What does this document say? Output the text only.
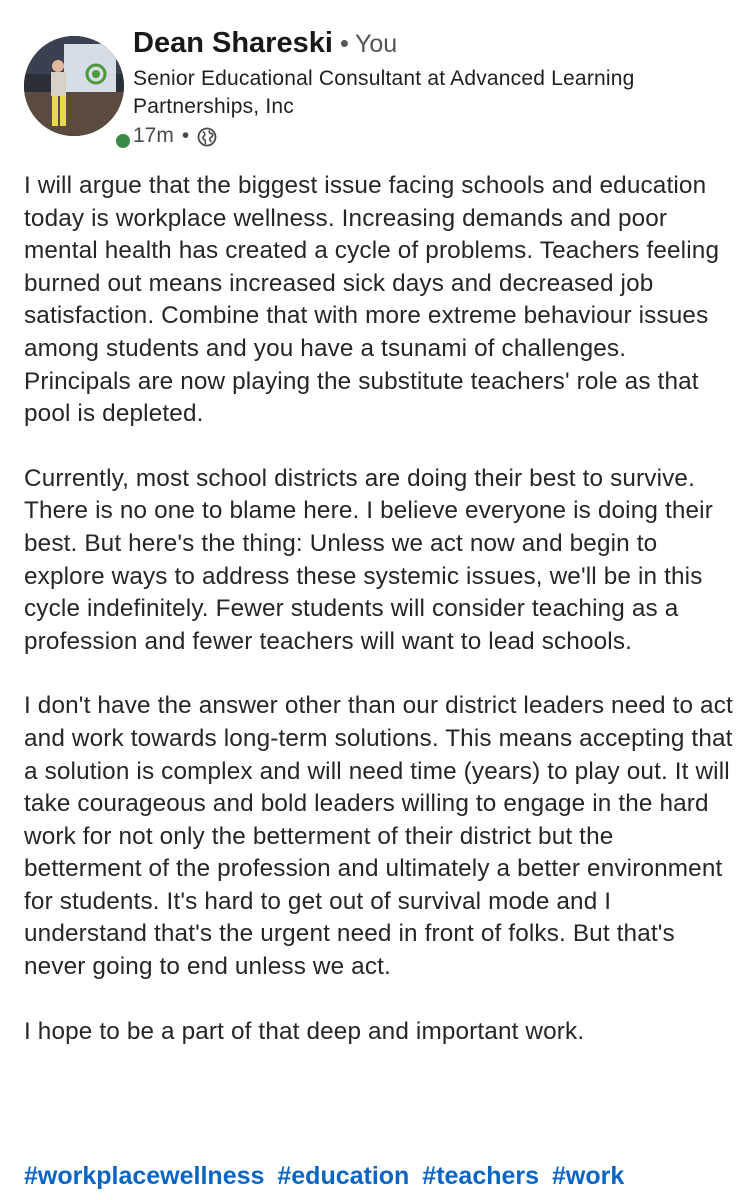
Dean Shareski • You
Senior Educational Consultant at Advanced Learning Partnerships, Inc
17m •

I will argue that the biggest issue facing schools and education today is workplace wellness. Increasing demands and poor mental health has created a cycle of problems. Teachers feeling burned out means increased sick days and decreased job satisfaction. Combine that with more extreme behaviour issues among students and you have a tsunami of challenges. Principals are now playing the substitute teachers' role as that pool is depleted.

Currently, most school districts are doing their best to survive. There is no one to blame here. I believe everyone is doing their best. But here's the thing: Unless we act now and begin to explore ways to address these systemic issues, we'll be in this cycle indefinitely. Fewer students will consider teaching as a profession and fewer teachers will want to lead schools.

I don't have the answer other than our district leaders need to act and work towards long-term solutions. This means accepting that a solution is complex and will need time (years) to play out. It will take courageous and bold leaders willing to engage in the hard work for not only the betterment of their district but the betterment of the profession and ultimately a better environment for students. It's hard to get out of survival mode and I understand that's the urgent need in front of folks. But that's never going to end unless we act.

I hope to be a part of that deep and important work.

#workplacewellness #education #teachers #work
